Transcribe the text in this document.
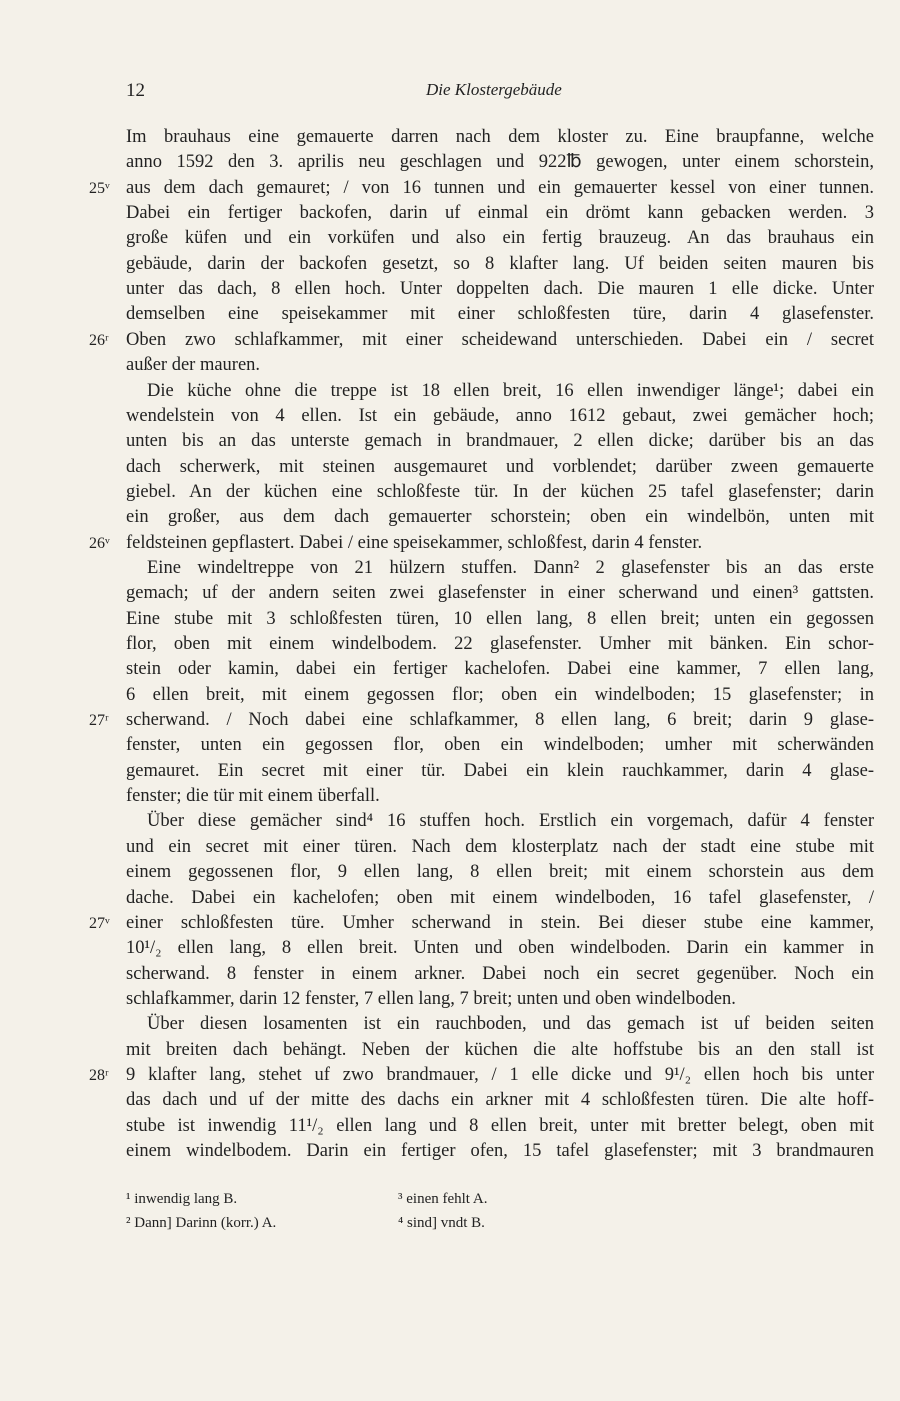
12	Die Klostergebäude
Im brauhaus eine gemauerte darren nach dem kloster zu. Eine braupfanne, welche
anno 1592 den 3. aprilis neu geschlagen und 922℔ gewogen, unter einem schorstein,
aus dem dach gemauret; / von 16 tunnen und ein gemauerter kessel von einer tunnen.
Dabei ein fertiger backofen, darin uf einmal ein drömt kann gebacken werden. 3
große küfen und ein vorküfen und also ein fertig brauzeug. An das brauhaus ein
gebäude, darin der backofen gesetzt, so 8 klafter lang. Uf beiden seiten mauren bis
unter das dach, 8 ellen hoch. Unter doppelten dach. Die mauren 1 elle dicke. Unter
demselben eine speisekammer mit einer schloßfesten türe, darin 4 glasefenster.
Oben zwo schlafkammer, mit einer scheidewand unterschieden. Dabei ein / secret
außer der mauren.
Die küche ohne die treppe ist 18 ellen breit, 16 ellen inwendiger länge¹; dabei ein
wendelstein von 4 ellen. Ist ein gebäude, anno 1612 gebaut, zwei gemächer hoch;
unten bis an das unterste gemach in brandmauer, 2 ellen dicke; darüber bis an das
dach scherwerk, mit steinen ausgemauret und vorblendet; darüber zween gemauerte
giebel. An der küchen eine schloßfeste tür. In der küchen 25 tafel glasefenster; darin
ein großer, aus dem dach gemauerter schorstein; oben ein windelbön, unten mit
feldsteinen gepflastert. Dabei / eine speisekammer, schloßfest, darin 4 fenster.
Eine windeltreppe von 21 hülzern stuffen. Dann² 2 glasefenster bis an das erste
gemach; uf der andern seiten zwei glasefenster in einer scherwand und einen³ gattsten.
Eine stube mit 3 schloßfesten türen, 10 ellen lang, 8 ellen breit; unten ein gegossen
flor, oben mit einem windelbodem. 22 glasefenster. Umher mit bänken. Ein schor-
stein oder kamin, dabei ein fertiger kachelofen. Dabei eine kammer, 7 ellen lang,
6 ellen breit, mit einem gegossen flor; oben ein windelboden; 15 glasefenster; in
scherwand. / Noch dabei eine schlafkammer, 8 ellen lang, 6 breit; darin 9 glase-
fenster, unten ein gegossen flor, oben ein windelboden; umher mit scherwänden
gemauret. Ein secret mit einer tür. Dabei ein klein rauchkammer, darin 4 glase-
fenster; die tür mit einem überfall.
Über diese gemächer sind⁴ 16 stuffen hoch. Erstlich ein vorgemach, dafür 4 fenster
und ein secret mit einer türen. Nach dem klosterplatz nach der stadt eine stube mit
einem gegossenen flor, 9 ellen lang, 8 ellen breit; mit einem schorstein aus dem
dache. Dabei ein kachelofen; oben mit einem windelboden, 16 tafel glasefenster, /
einer schloßfesten türe. Umher scherwand in stein. Bei dieser stube eine kammer,
10¹/₂ ellen lang, 8 ellen breit. Unten und oben windelboden. Darin ein kammer in
scherwand. 8 fenster in einem arkner. Dabei noch ein secret gegenüber. Noch ein
schlafkammer, darin 12 fenster, 7 ellen lang, 7 breit; unten und oben windelboden.
Über diesen losamenten ist ein rauchboden, und das gemach ist uf beiden seiten
mit breiten dach behängt. Neben der küchen die alte hoffstube bis an den stall ist
9 klafter lang, stehet uf zwo brandmauer, / 1 elle dicke und 9¹/₂ ellen hoch bis unter
das dach und uf der mitte des dachs ein arkner mit 4 schloßfesten türen. Die alte hoff-
stube ist inwendig 11¹/₂ ellen lang und 8 ellen breit, unter mit bretter belegt, oben mit
einem windelbodem. Darin ein fertiger ofen, 15 tafel glasefenster; mit 3 brandmauren
25ᵛ
26ʳ
26ᵛ
27ʳ
27ᵛ
28ʳ
¹ inwendig lang B.
² Dann] Darinn (korr.) A.
³ einen fehlt A.
⁴ sind] vndt B.
